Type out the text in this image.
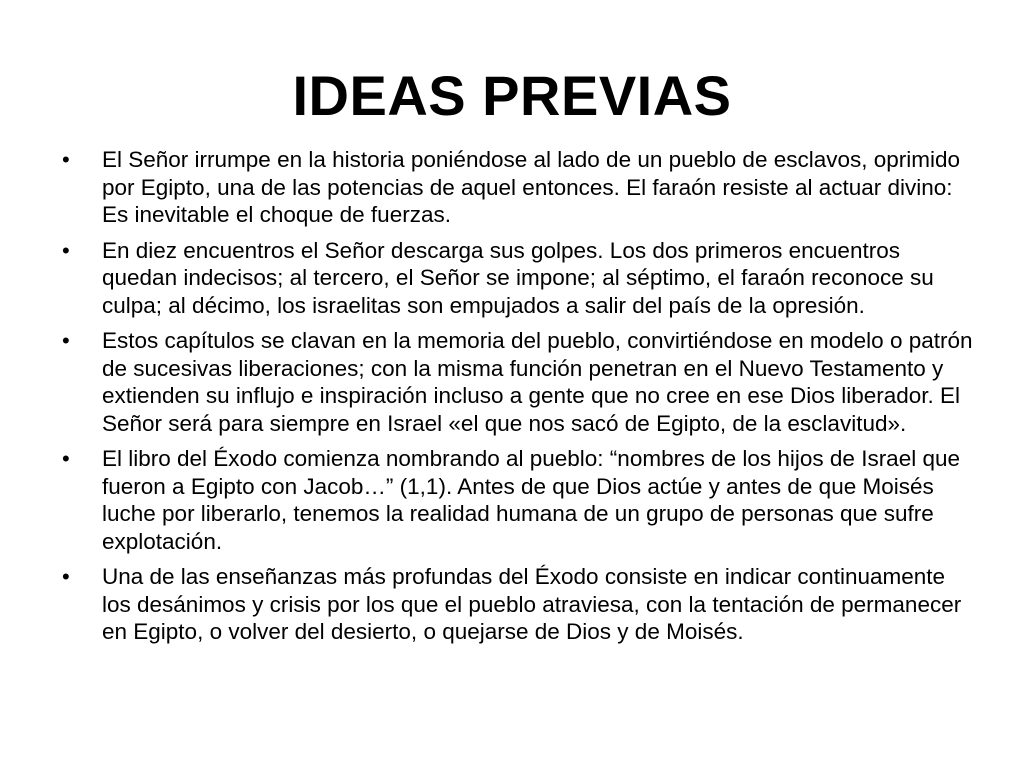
IDEAS PREVIAS
• El Señor irrumpe en la historia poniéndose al lado de un pueblo de esclavos, oprimido por Egipto, una de las potencias de aquel entonces. El faraón resiste al actuar divino: Es inevitable el choque de fuerzas.
• En diez encuentros el Señor descarga sus golpes. Los dos primeros encuentros quedan indecisos; al tercero, el Señor se impone; al séptimo, el faraón reconoce su culpa; al décimo, los israelitas son empujados a salir del país de la opresión.
• Estos capítulos se clavan en la memoria del pueblo, convirtiéndose en modelo o patrón de sucesivas liberaciones; con la misma función penetran en el Nuevo Testamento y extienden su influjo e inspiración incluso a gente que no cree en ese Dios liberador. El Señor será para siempre en Israel «el que nos sacó de Egipto, de la esclavitud».
• El libro del Éxodo comienza nombrando al pueblo: “nombres de los hijos de Israel que fueron a Egipto con Jacob…” (1,1). Antes de que Dios actúe y antes de que Moisés luche por liberarlo, tenemos la realidad humana de un grupo de personas que sufre explotación.
• Una de las enseñanzas más profundas del Éxodo consiste en indicar continuamente los desánimos y crisis por los que el pueblo atraviesa, con la tentación de permanecer en Egipto, o volver del desierto, o quejarse de Dios y de Moisés.
